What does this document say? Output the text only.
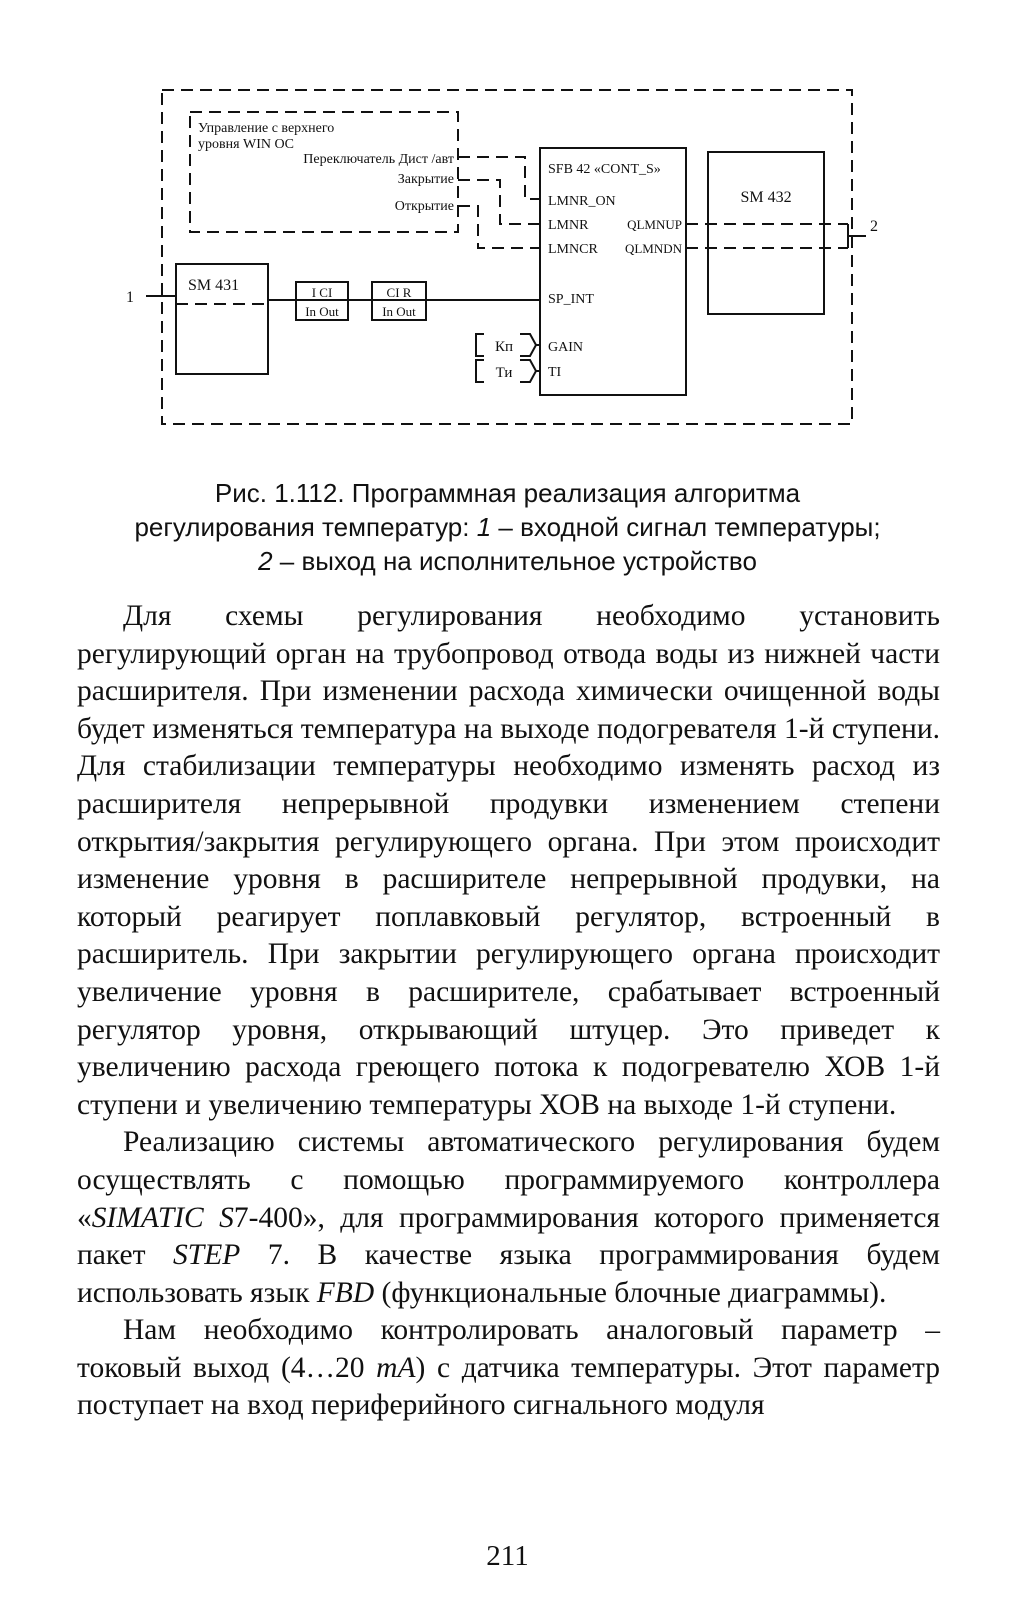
Управление с верхнего
уровня WIN OC
Переключатель Дист /авт
Закрытие
Открытие
SFB 42 «CONT_S»
LMNR_ON
LMNR
LMNCR
QLMNUP
QLMNDN
SP_INT
GAIN
TI
SM 432
2
SM 431
1	I CI
In Out
CI R
In Out
Кп
Ти

Рис. 1.112. Программная реализация алгоритма

регулирования температур: 1 – входной сигнал температуры;

2 – выход на исполнительное устройство

Для схемы регулирования необходимо установить регулирующий орган на трубопровод отвода воды из нижней части расширителя. При изменении расхода химически очищенной воды будет изменяться температура на выходе подогревателя 1-й ступени. Для стабилизации температуры необходимо изменять расход из расширителя непрерывной продувки изменением степени открытия/закрытия регулирующего органа. При этом происходит изменение уровня в расширителе непрерывной продувки, на который реагирует поплавковый регулятор, встроенный в расширитель. При закрытии регулирующего органа происходит увеличение уровня в расширителе, срабатывает встроенный регулятор уровня, открывающий штуцер. Это приведет к увеличению расхода греющего потока к подогревателю ХОВ 1-й ступени и увеличению температуры ХОВ на выходе 1-й ступени.

Реализацию системы автоматического регулирования будем осуществлять с помощью программируемого контроллера «SIMATIC S7-400», для программирования которого применяется пакет STEP 7. В качестве языка программирования будем использовать язык FBD (функциональные блочные диаграммы).

Нам необходимо контролировать аналоговый параметр – токовый выход (4…20 mA) с датчика температуры. Этот параметр поступает на вход периферийного сигнального модуля

211
